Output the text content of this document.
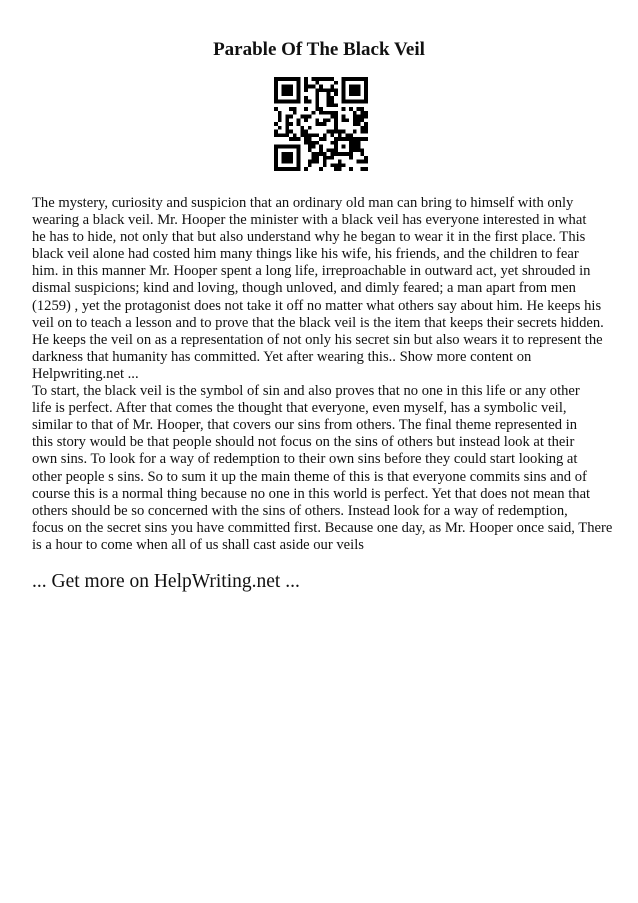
Parable Of The Black Veil
The mystery, curiosity and suspicion that an ordinary old man can bring to himself with only
wearing a black veil. Mr. Hooper the minister with a black veil has everyone interested in what
he has to hide, not only that but also understand why he began to wear it in the first place. This
black veil alone had costed him many things like his wife, his friends, and the children to fear
him. in this manner Mr. Hooper spent a long life, irreproachable in outward act, yet shrouded in
dismal suspicions; kind and loving, though unloved, and dimly feared; a man apart from men
(1259) , yet the protagonist does not take it off no matter what others say about him. He keeps his
veil on to teach a lesson and to prove that the black veil is the item that keeps their secrets hidden.
He keeps the veil on as a representation of not only his secret sin but also wears it to represent the
darkness that humanity has committed. Yet after wearing this.. Show more content on
Helpwriting.net ...
To start, the black veil is the symbol of sin and also proves that no one in this life or any other
life is perfect. After that comes the thought that everyone, even myself, has a symbolic veil,
similar to that of Mr. Hooper, that covers our sins from others. The final theme represented in
this story would be that people should not focus on the sins of others but instead look at their
own sins. To look for a way of redemption to their own sins before they could start looking at
other people s sins. So to sum it up the main theme of this is that everyone commits sins and of
course this is a normal thing because no one in this world is perfect. Yet that does not mean that
others should be so concerned with the sins of others. Instead look for a way of redemption,
focus on the secret sins you have committed first. Because one day, as Mr. Hooper once said, There
is a hour to come when all of us shall cast aside our veils
... Get more on HelpWriting.net ...
